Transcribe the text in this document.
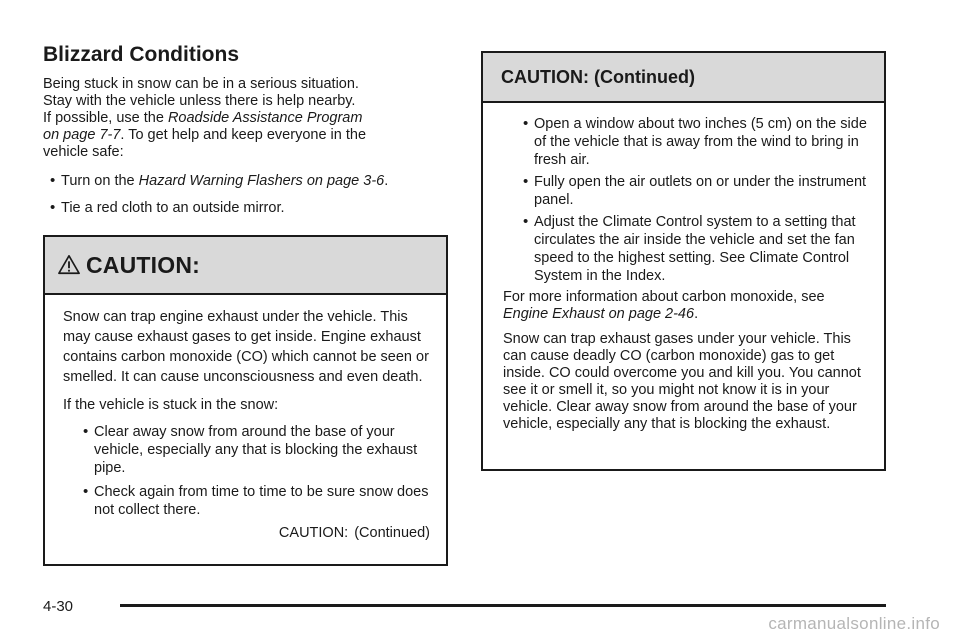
Blizzard Conditions

Being stuck in snow can be in a serious situation.
Stay with the vehicle unless there is help nearby.
If possible, use the Roadside Assistance Program
on page 7-7. To get help and keep everyone in the
vehicle safe:

• Turn on the Hazard Warning Flashers on page 3-6.
• Tie a red cloth to an outside mirror.
CAUTION:

Snow can trap engine exhaust under the vehicle. This may cause exhaust gases to get inside. Engine exhaust contains carbon monoxide (CO) which cannot be seen or smelled. It can cause unconsciousness and even death.

If the vehicle is stuck in the snow:

• Clear away snow from around the base of your vehicle, especially any that is blocking the exhaust pipe.
• Check again from time to time to be sure snow does not collect there.
CAUTION: (Continued)
CAUTION: (Continued)
• Open a window about two inches (5 cm) on the side of the vehicle that is away from the wind to bring in fresh air.
• Fully open the air outlets on or under the instrument panel.
• Adjust the Climate Control system to a setting that circulates the air inside the vehicle and set the fan speed to the highest setting. See Climate Control System in the Index.

For more information about carbon monoxide, see Engine Exhaust on page 2-46.

Snow can trap exhaust gases under your vehicle. This can cause deadly CO (carbon monoxide) gas to get inside. CO could overcome you and kill you. You cannot see it or smell it, so you might not know it is in your vehicle. Clear away snow from around the base of your vehicle, especially any that is blocking the exhaust.

4-30
carmanualsonline.info
